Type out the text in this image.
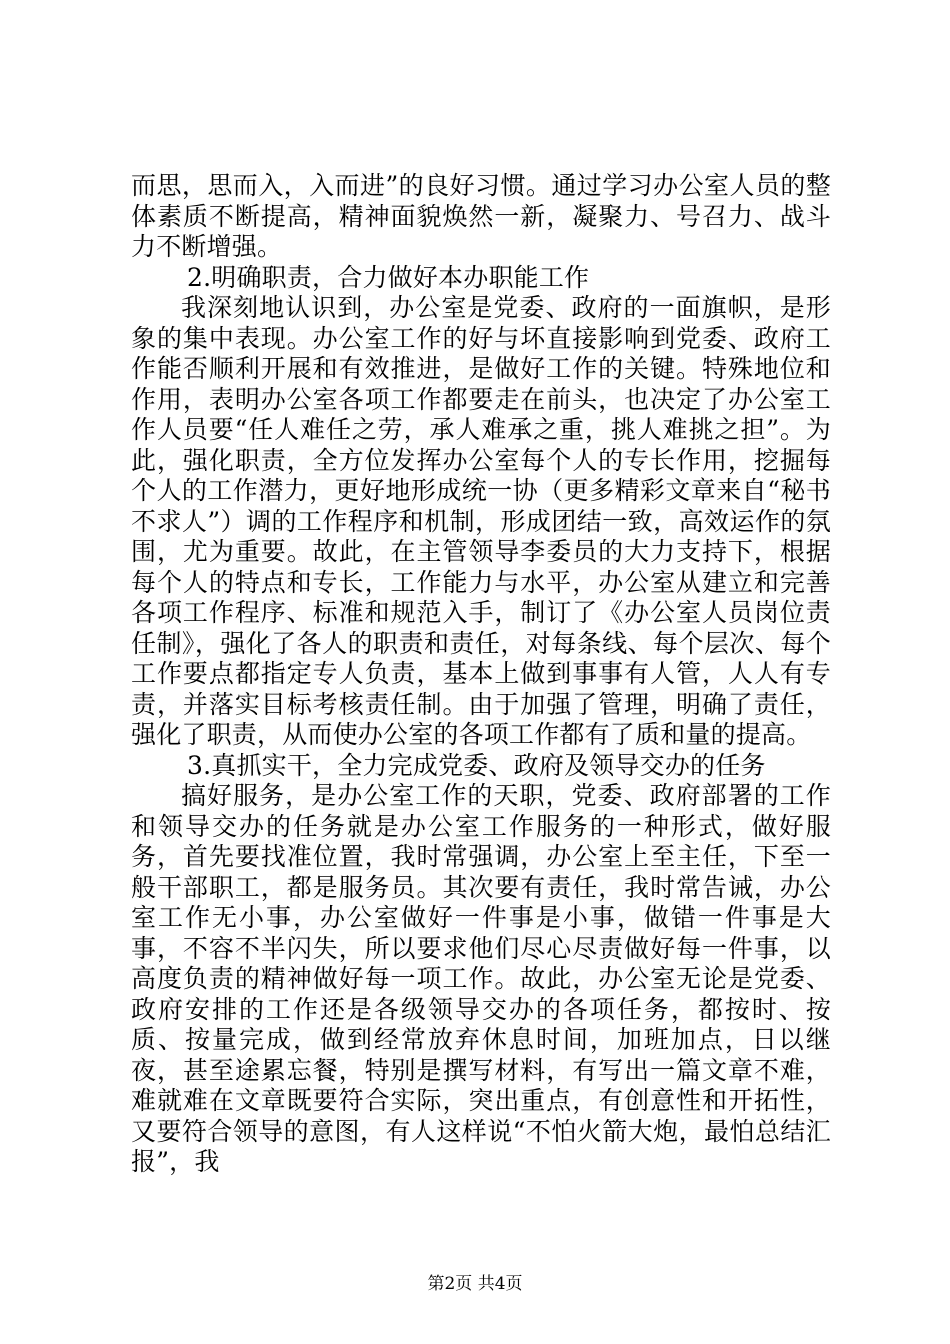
而思，思而入，入而进”的良好习惯。通过学习办公室人员的整体素质不断提高，精神面貌焕然一新，凝聚力、号召力、战斗力不断增强。

2.明确职责，合力做好本办职能工作

我深刻地认识到，办公室是党委、政府的一面旗帜，是形象的集中表现。办公室工作的好与坏直接影响到党委、政府工作能否顺利开展和有效推进，是做好工作的关键。特殊地位和作用，表明办公室各项工作都要走在前头，也决定了办公室工作人员要“任人难任之劳，承人难承之重，挑人难挑之担”。为此，强化职责，全方位发挥办公室每个人的专长作用，挖掘每个人的工作潜力，更好地形成统一协（更多精彩文章来自“秘书不求人”）调的工作程序和机制，形成团结一致，高效运作的氛围，尤为重要。故此，在主管领导李委员的大力支持下，根据每个人的特点和专长，工作能力与水平，办公室从建立和完善各项工作程序、标准和规范入手，制订了《办公室人员岗位责任制》，强化了各人的职责和责任，对每条线、每个层次、每个工作要点都指定专人负责，基本上做到事事有人管，人人有专责，并落实目标考核责任制。由于加强了管理，明确了责任，强化了职责，从而使办公室的各项工作都有了质和量的提高。

3.真抓实干，全力完成党委、政府及领导交办的任务

搞好服务，是办公室工作的天职，党委、政府部署的工作和领导交办的任务就是办公室工作服务的一种形式，做好服务，首先要找准位置，我时常强调，办公室上至主任，下至一般干部职工，都是服务员。其次要有责任，我时常告诫，办公室工作无小事，办公室做好一件事是小事，做错一件事是大事，不容不半闪失，所以要求他们尽心尽责做好每一件事，以高度负责的精神做好每一项工作。故此，办公室无论是党委、政府安排的工作还是各级领导交办的各项任务，都按时、按质、按量完成，做到经常放弃休息时间，加班加点，日以继夜，甚至途累忘餐，特别是撰写材料，有写出一篇文章不难，难就难在文章既要符合实际，突出重点，有创意性和开拓性，又要符合领导的意图，有人这样说“不怕火箭大炮，最怕总结汇报”，我

第2页 共4页
